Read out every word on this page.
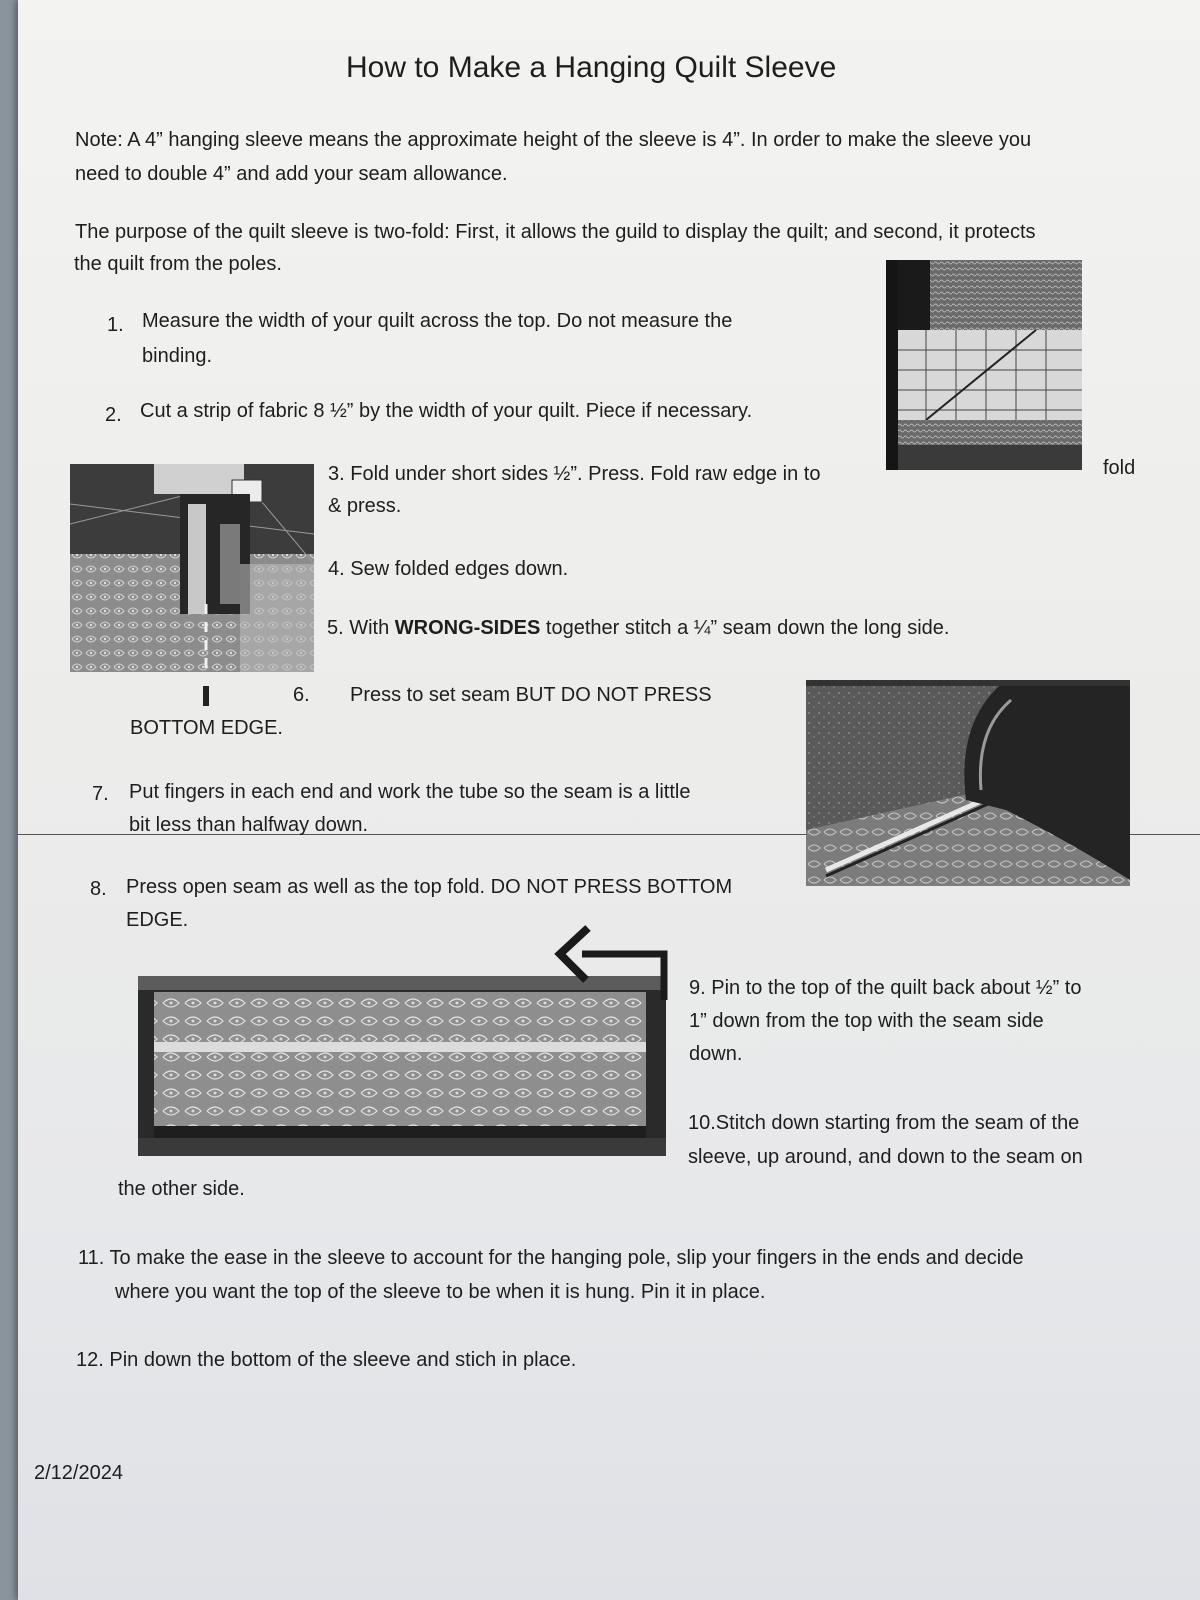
How to Make a Hanging Quilt Sleeve
Note: A 4” hanging sleeve means the approximate height of the sleeve is 4”. In order to make the sleeve you
need to double 4” and add your seam allowance.
The purpose of the quilt sleeve is two-fold: First, it allows the guild to display the quilt; and second, it protects
the quilt from the poles.
1. Measure the width of your quilt across the top. Do not measure the
binding.
2. Cut a strip of fabric 8 ½” by the width of your quilt. Piece if necessary.
fold
3. Fold under short sides ½”. Press. Fold raw edge in to
& press.
4. Sew folded edges down.
5. With WRONG-SIDES together stitch a ¼” seam down the long side.
6. Press to set seam BUT DO NOT PRESS
BOTTOM EDGE.
7. Put fingers in each end and work the tube so the seam is a little
bit less than halfway down.
8. Press open seam as well as the top fold. DO NOT PRESS BOTTOM
EDGE.
9. Pin to the top of the quilt back about ½” to
1” down from the top with the seam side
down.
10.Stitch down starting from the seam of the
sleeve, up around, and down to the seam on
the other side.
11. To make the ease in the sleeve to account for the hanging pole, slip your fingers in the ends and decide
where you want the top of the sleeve to be when it is hung. Pin it in place.
12. Pin down the bottom of the sleeve and stich in place.
2/12/2024
